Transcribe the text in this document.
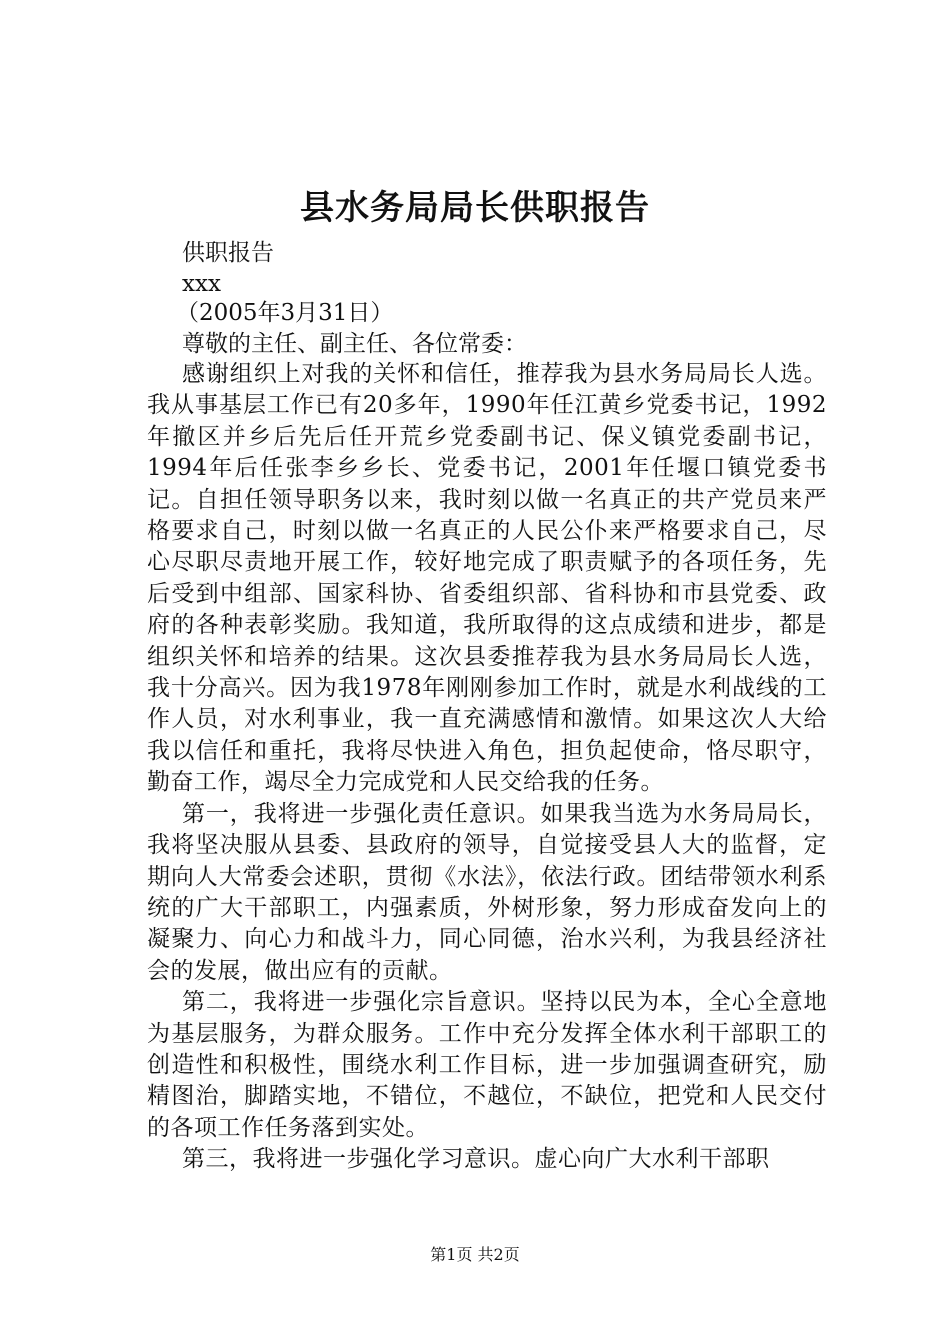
县水务局局长供职报告
供职报告
xxx
（2005年3月31日）
尊敬的主任、副主任、各位常委：

感谢组织上对我的关怀和信任，推荐我为县水务局局长人选。我从事基层工作已有20多年，1990年任江黄乡党委书记，1992年撤区并乡后先后任开荒乡党委副书记、保义镇党委副书记，1994年后任张李乡乡长、党委书记，2001年任堰口镇党委书记。自担任领导职务以来，我时刻以做一名真正的共产党员来严格要求自己，时刻以做一名真正的人民公仆来严格要求自己，尽心尽职尽责地开展工作，较好地完成了职责赋予的各项任务，先后受到中组部、国家科协、省委组织部、省科协和市县党委、政府的各种表彰奖励。我知道，我所取得的这点成绩和进步，都是组织关怀和培养的结果。这次县委推荐我为县水务局局长人选，我十分高兴。因为我1978年刚刚参加工作时，就是水利战线的工作人员，对水利事业，我一直充满感情和激情。如果这次人大给我以信任和重托，我将尽快进入角色，担负起使命，恪尽职守，勤奋工作，竭尽全力完成党和人民交给我的任务。

第一，我将进一步强化责任意识。如果我当选为水务局局长，我将坚决服从县委、县政府的领导，自觉接受县人大的监督，定期向人大常委会述职，贯彻《水法》，依法行政。团结带领水利系统的广大干部职工，内强素质，外树形象，努力形成奋发向上的凝聚力、向心力和战斗力，同心同德，治水兴利，为我县经济社会的发展，做出应有的贡献。

第二，我将进一步强化宗旨意识。坚持以民为本，全心全意地为基层服务，为群众服务。工作中充分发挥全体水利干部职工的创造性和积极性，围绕水利工作目标，进一步加强调查研究，励精图治，脚踏实地，不错位，不越位，不缺位，把党和人民交付的各项工作任务落到实处。

第三，我将进一步强化学习意识。虚心向广大水利干部职

第1页 共2页
